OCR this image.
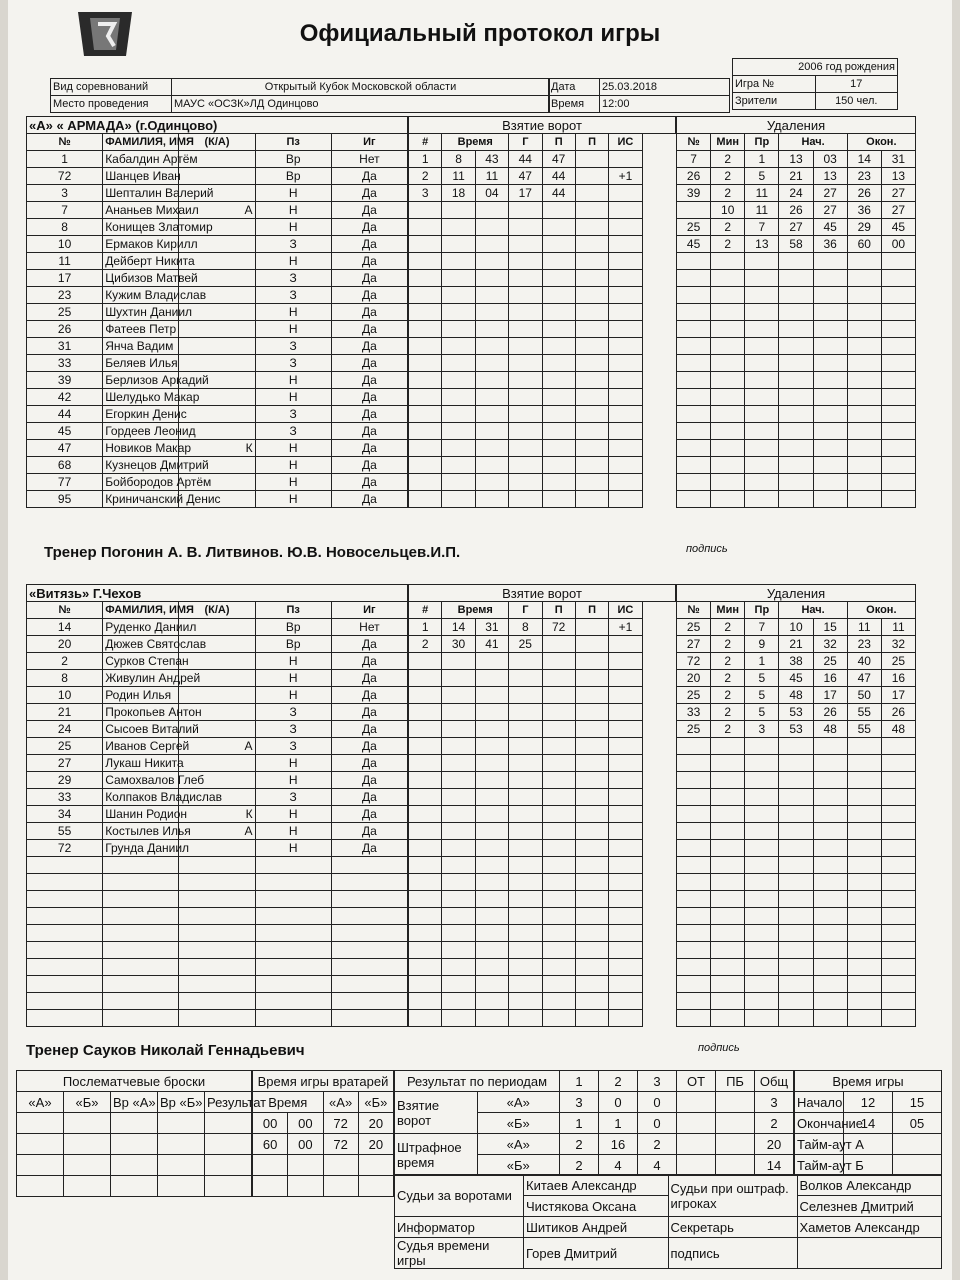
Официальный протокол игры
Вид соревнований	Открытый Кубок Московской области
Место проведения	МАУС «ОСЗК»ЛД Одинцово
Дата	25.03.2018
Время	12:00
2006 год рождения	
Игра №	17
Зрители	150 чел.
«А» « АРМАДА» (г.Одинцово)				
№	ФАМИЛИЯ, ИМЯ	(К/А)	Пз	Иг
1	Кабалдин Артём		Вр	Нет
72	Шанцев Иван		Вр	Да
3	Шепталин Валерий		Н	Да
7	Ананьев Михаил	А	Н	Да
8	Конищев Златомир		Н	Да
10	Ермаков Кирилл		З	Да
11	Дейберт Никита		Н	Да
17	Цибизов Матвей		З	Да
23	Кужим Владислав		З	Да
25	Шухтин Даниил		Н	Да
26	Фатеев Петр		Н	Да
31	Янча Вадим		З	Да
33	Беляев Илья		З	Да
39	Берлизов Аркадий		Н	Да
42	Шелудько Макар		Н	Да
44	Егоркин Денис		З	Да
45	Гордеев Леонид		З	Да
47	Новиков Макар	К	Н	Да
68	Кузнецов Дмитрий		Н	Да
77	Бойбородов Артём		Н	Да
95	Криничанский Денис		Н	Да
Взятие ворот						
#	Время		Г	П	П	ИС
1	8	43	44	47		
2	11	11	47	44		+1
3	18	04	17	44		

Удаления						
№	Мин	Пр	Нач.		Окон.	
7	2	1	13	03	14	31
26	2	5	21	13	23	13
39	2	11	24	27	26	27
	10	11	26	27	36	27
25	2	7	27	45	29	45
45	2	13	58	36	60	00

Тренер Погонин А. В. Литвинов. Ю.В. Новосельцев.И.П.	подпись
«Витязь» Г.Чехов				
№	ФАМИЛИЯ, ИМЯ	(К/А)	Пз	Иг
14	Руденко Даниил		Вр	Нет
20	Дюжев Святослав		Вр	Да
2	Сурков Степан		Н	Да
8	Живулин Андрей		Н	Да
10	Родин Илья		Н	Да
21	Прокопьев Антон		З	Да
24	Сысоев Виталий		З	Да
25	Иванов Сергей	А	З	Да
27	Лукаш Никита		Н	Да
29	Самохвалов Глеб		Н	Да
33	Колпаков Владислав		З	Да
34	Шанин Родион	К	Н	Да
55	Костылев Илья	А	Н	Да
72	Грунда Даниил		Н	Да

Взятие ворот						
#	Время		Г	П	П	ИС
1	14	31	8	72		+1
2	30	41	25			

Удаления						
№	Мин	Пр	Нач.		Окон.	
25	2	7	10	15	11	11
27	2	9	21	32	23	32
72	2	1	38	25	40	25
20	2	5	45	16	47	16
25	2	5	48	17	50	17
33	2	5	53	26	55	26
25	2	3	53	48	55	48

Тренер Сауков Николай Геннадьевич	подпись
Послематчевые броски				
«А»	«Б»	Вр «А»	Вр «Б»	Результат

Время игры вратарей			
Время		«А»	«Б»
00	00	72	20
60	00	72	20

Результат по периодам		1	2	3	ОТ	ПБ	Общ
Взятие ворот	«А»	3	0	0			3
	«Б»	1	1	0			2
Штрафное время	«А»	2	16	2			20
	«Б»	2	4	4			14
Время игры		
Начало	12	15
Окончание	14	05
Тайм-аут А		
Тайм-аут Б		
Судьи за воротами	Китаев Александр	Судьи при оштраф. игроках	Волков Александр
	Чистякова Оксана		Селезнев Дмитрий
Информатор	Шитиков Андрей	Секретарь	Хаметов Александр
Судья времени игры	Горев Дмитрий	подпись	
